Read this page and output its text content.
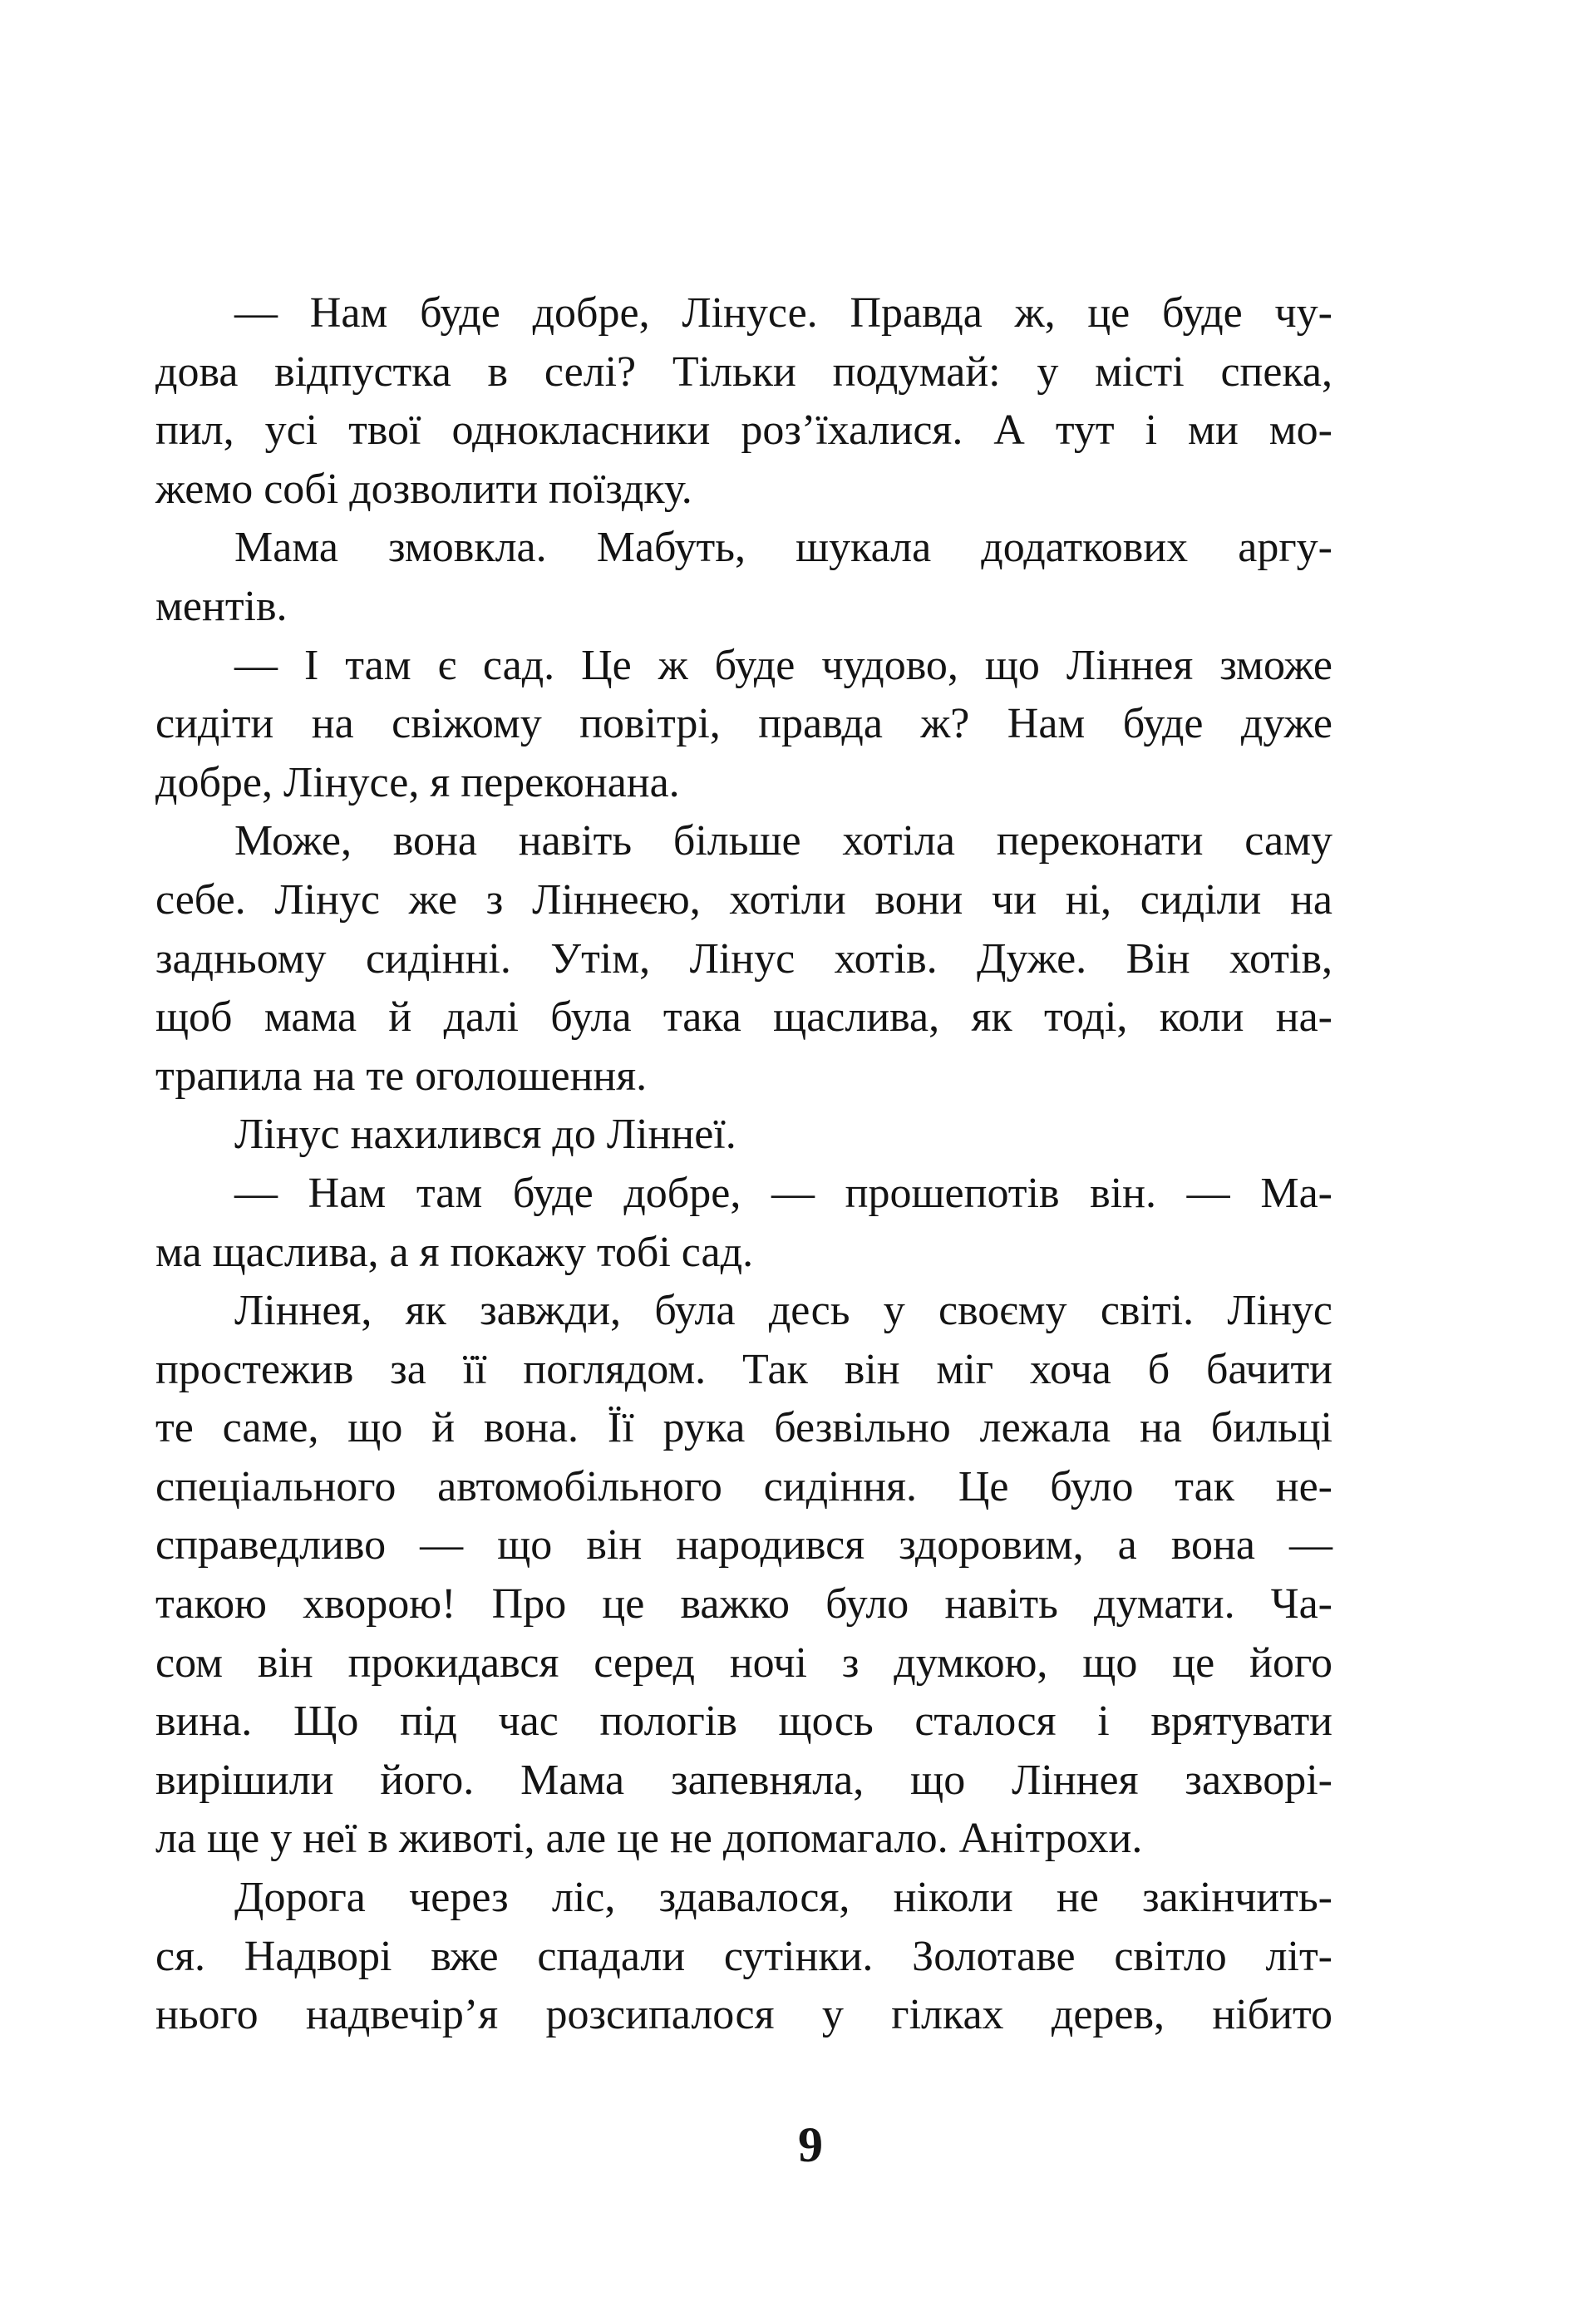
— Нам буде добре, Лінусе. Правда ж, це буде чу-
дова відпустка в селі? Тільки подумай: у місті спека,
пил, усі твої однокласники роз’їхалися. А тут і ми мо-
жемо собі дозволити поїздку.
Мама змовкла. Мабуть, шукала додаткових аргу-
ментів.
— І там є сад. Це ж буде чудово, що Ліннея зможе
сидіти на свіжому повітрі, правда ж? Нам буде дуже
добре, Лінусе, я переконана.
Може, вона навіть більше хотіла переконати саму
себе. Лінус же з Ліннеєю, хотіли вони чи ні, сиділи на
задньому сидінні. Утім, Лінус хотів. Дуже. Він хотів,
щоб мама й далі була така щаслива, як тоді, коли на-
трапила на те оголошення.
Лінус нахилився до Ліннеї.
— Нам там буде добре, — прошепотів він. — Ма-
ма щаслива, а я покажу тобі сад.
Ліннея, як завжди, була десь у своєму світі. Лінус
простежив за її поглядом. Так він міг хоча б бачити
те саме, що й вона. Її рука безвільно лежала на бильці
спеціального автомобільного сидіння. Це було так не-
справедливо — що він народився здоровим, а вона —
такою хворою! Про це важко було навіть думати. Ча-
сом він прокидався серед ночі з думкою, що це його
вина. Що під час пологів щось сталося і врятувати
вирішили його. Мама запевняла, що Ліннея захворі-
ла ще у неї в животі, але це не допомагало. Анітрохи.
Дорога через ліс, здавалося, ніколи не закінчить-
ся. Надворі вже спадали сутінки. Золотаве світло літ-
нього надвечір’я розсипалося у гілках дерев, нібито
9
